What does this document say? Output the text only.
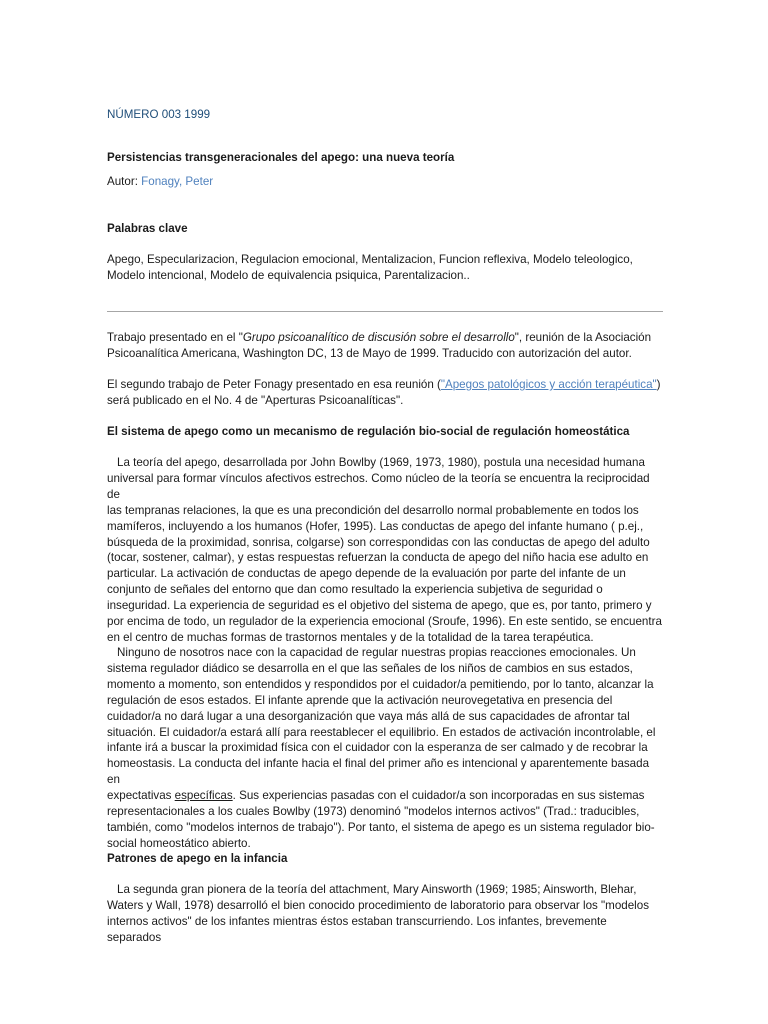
NÚMERO 003 1999

Persistencias transgeneracionales del apego: una nueva teoría

Autor: Fonagy, Peter

Palabras clave

Apego, Especularizacion, Regulacion emocional, Mentalizacion, Funcion reflexiva, Modelo teleologico,
Modelo intencional, Modelo de equivalencia psiquica, Parentalizacion..

Trabajo presentado en el "Grupo psicoanalítico de discusión sobre el desarrollo", reunión de la Asociación
Psicoanalítica Americana, Washington DC, 13 de Mayo de 1999. Traducido con autorización del autor.

El segundo trabajo de Peter Fonagy presentado en esa reunión ("Apegos patológicos y acción terapéutica")
será publicado en el No. 4 de "Aperturas Psicoanalíticas".

El sistema de apego como un mecanismo de regulación bio-social de regulación homeostática

La teoría del apego, desarrollada por John Bowlby (1969, 1973, 1980), postula una necesidad humana
universal para formar vínculos afectivos estrechos. Como núcleo de la teoría se encuentra la reciprocidad de
las tempranas relaciones, la que es una precondición del desarrollo normal probablemente en todos los
mamíferos, incluyendo a los humanos (Hofer, 1995). Las conductas de apego del infante humano ( p.ej.,
búsqueda de la proximidad, sonrisa, colgarse) son correspondidas con las conductas de apego del adulto
(tocar, sostener, calmar), y estas respuestas refuerzan la conducta de apego del niño hacia ese adulto en
particular. La activación de conductas de apego depende de la evaluación por parte del infante de un
conjunto de señales del entorno que dan como resultado la experiencia subjetiva de seguridad o
inseguridad. La experiencia de seguridad es el objetivo del sistema de apego, que es, por tanto, primero y
por encima de todo, un regulador de la experiencia emocional (Sroufe, 1996). En este sentido, se encuentra
en el centro de muchas formas de trastornos mentales y de la totalidad de la tarea terapéutica.

Ninguno de nosotros nace con la capacidad de regular nuestras propias reacciones emocionales. Un
sistema regulador diádico se desarrolla en el que las señales de los niños de cambios en sus estados,
momento a momento, son entendidos y respondidos por el cuidador/a pemitiendo, por lo tanto, alcanzar la
regulación de esos estados. El infante aprende que la activación neurovegetativa en presencia del
cuidador/a no dará lugar a una desorganización que vaya más allá de sus capacidades de afrontar tal
situación. El cuidador/a estará allí para reestablecer el equilibrio. En estados de activación incontrolable, el
infante irá a buscar la proximidad física con el cuidador con la esperanza de ser calmado y de recobrar la
homeostasis. La conducta del infante hacia el final del primer año es intencional y aparentemente basada en
expectativas específicas. Sus experiencias pasadas con el cuidador/a son incorporadas en sus sistemas
representacionales a los cuales Bowlby (1973) denominó "modelos internos activos" (Trad.: traducibles,
también, como "modelos internos de trabajo"). Por tanto, el sistema de apego es un sistema regulador bio-
social homeostático abierto.

Patrones de apego en la infancia

La segunda gran pionera de la teoría del attachment, Mary Ainsworth (1969; 1985; Ainsworth, Blehar,
Waters y Wall, 1978) desarrolló el bien conocido procedimiento de laboratorio para observar los "modelos
internos activos" de los infantes mientras éstos estaban transcurriendo. Los infantes, brevemente separados
